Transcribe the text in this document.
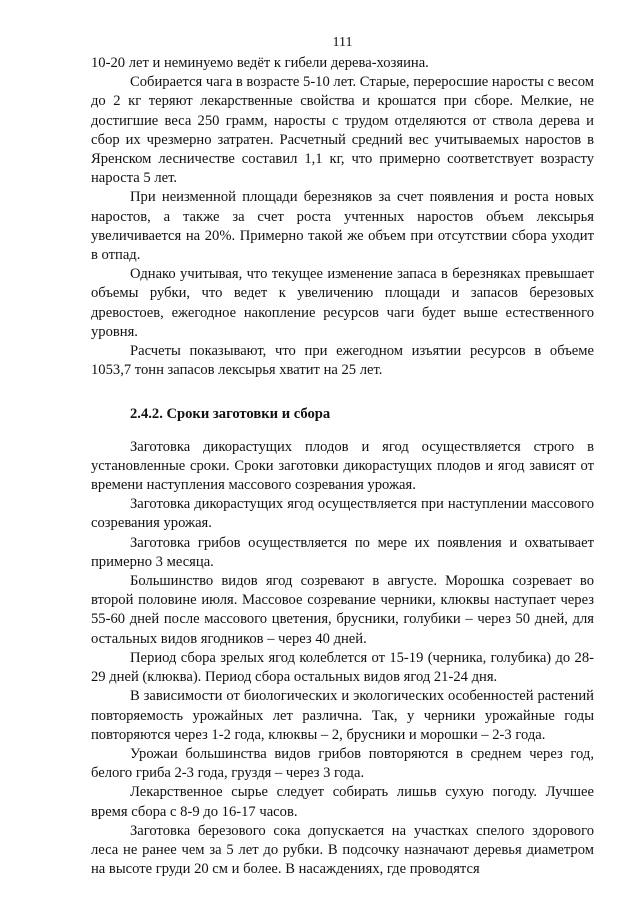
111

10-20 лет и неминуемо ведёт к гибели дерева-хозяина.

Собирается чага в возрасте 5-10 лет. Старые, переросшие наросты с весом до 2 кг теряют лекарственные свойства и крошатся при сборе. Мелкие, не достигшие веса 250 грамм, наросты с трудом отделяются от ствола дерева и сбор их чрезмерно затратен. Расчетный средний вес учитываемых наростов в Яренском лесничестве составил 1,1 кг, что примерно соответствует возрасту нароста 5 лет.

При неизменной площади березняков за счет появления и роста новых наростов, а также за счет роста учтенных наростов объем лексырья увеличивается на 20%. Примерно такой же объем при отсутствии сбора уходит в отпад.

Однако учитывая, что текущее изменение запаса в березняках превышает объемы рубки, что ведет к увеличению площади и запасов березовых древостоев, ежегодное накопление ресурсов чаги будет выше естественного уровня.

Расчеты показывают, что при ежегодном изъятии ресурсов в объеме 1053,7 тонн запасов лексырья хватит на 25 лет.

2.4.2. Сроки заготовки и сбора

Заготовка дикорастущих плодов и ягод осуществляется строго в установленные сроки. Сроки заготовки дикорастущих плодов и ягод зависят от времени наступления массового созревания урожая.

Заготовка дикорастущих ягод осуществляется при наступлении массового созревания урожая.

Заготовка грибов осуществляется по мере их появления и охватывает примерно 3 месяца.

Большинство видов ягод созревают в августе. Морошка созревает во второй половине июля. Массовое созревание черники, клюквы наступает через 55-60 дней после массового цветения, брусники, голубики – через 50 дней, для остальных видов ягодников – через 40 дней.

Период сбора зрелых ягод колеблется от 15-19 (черника, голубика) до 28-29 дней (клюква). Период сбора остальных видов ягод 21-24 дня.

В зависимости от биологических и экологических особенностей растений повторяемость урожайных лет различна. Так, у черники урожайные годы повторяются через 1-2 года, клюквы – 2, брусники и морошки – 2-3 года.

Урожаи большинства видов грибов повторяются в среднем через год, белого гриба 2-3 года, груздя – через 3 года.

Лекарственное сырье следует собирать лишьв сухую погоду. Лучшее время сбора с 8-9 до 16-17 часов.

Заготовка березового сока допускается на участках спелого здорового леса не ранее чем за 5 лет до рубки. В подсочку назначают деревья диаметром на высоте груди 20 см и более. В насаждениях, где проводятся
